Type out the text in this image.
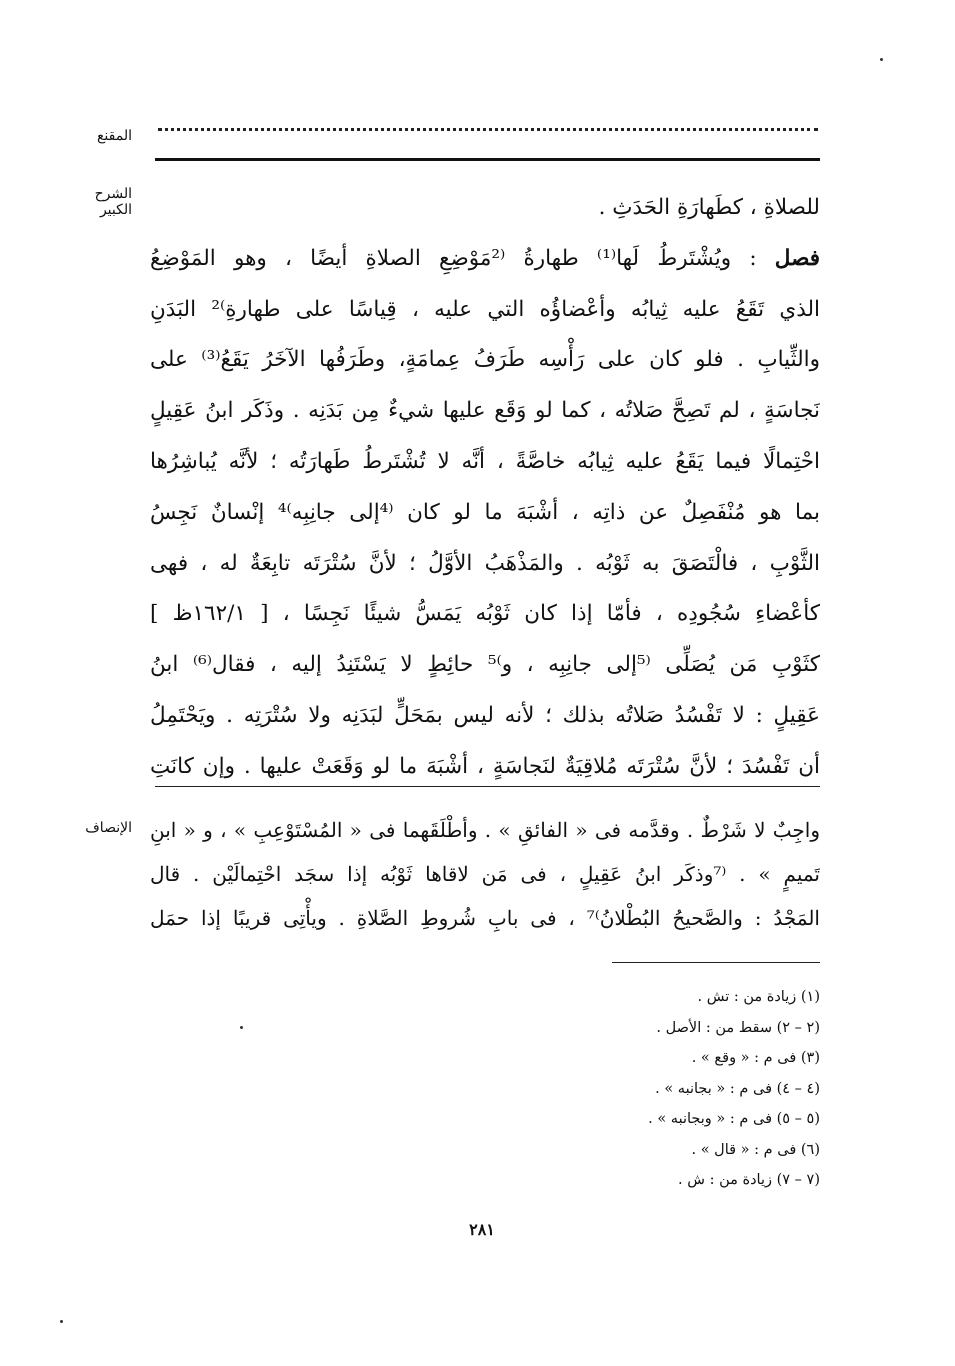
المقنع
الشرح الكبير
الإنصاف
للصلاةِ ، كطَهارَةِ الحَدَثِ .
فصل : ويُشْتَرطُ لَها⁽¹⁾ طهارةُ ⁽²مَوْضِعِ الصلاةِ أيضًا ، وهو المَوْضِعُ
الذي تَقَعُ عليه ثِيابُه وأعْضاؤُه التي عليه ، قِياسًا على طهارةِ⁾² البَدَنِ
والثِّيابِ . فلو كان على رَأْسِه طَرَفُ عِمامَةٍ، وطَرَفُها الآخَرُ يَقَعُ⁽³⁾ على
نَجاسَةٍ ، لم تَصِحَّ صَلاتُه ، كما لو وَقَع عليها شيءٌ مِن بَدَنِه . وذَكَر ابنُ عَقِيلٍ
احْتِمالًا فيما يَقَعُ عليه ثِيابُه خاصَّةً ، أنَّه لا تُشْتَرطُ طَهارَتُه ؛ لأنَّه يُباشِرُها
بما هو مُنْفَصِلٌ عن ذاتِه ، أشْبَهَ ما لو كان ⁽⁴إلى جانِبِه⁾⁴ إنْسانٌ نَجِسُ
الثَّوْبِ ، فالْتَصَقَ به ثَوْبُه . والمَذْهَبُ الأوَّلُ ؛ لأنَّ سُتْرَتَه تابِعَةٌ له ، فهى
كأعْضاءِ سُجُودِه ، فأمّا إذا كان ثَوْبُه يَمَسُّ شيئًا نَجِسًا ، [ ١٦٢/١ظ ]
كثَوْبِ مَن يُصَلِّى ⁽⁵إلى جانِبِه ، و⁾⁵ حائِطٍ لا يَسْتَنِدُ إليه ، فقال⁽⁶⁾ ابنُ
عَقِيلٍ : لا تَفْسُدُ صَلاتُه بذلك ؛ لأنه ليس بمَحَلٍّ لبَدَنِه ولا سُتْرَتِه . ويَحْتَمِلُ
أن تَفْسُدَ ؛ لأنَّ سُتْرَتَه مُلاقِيَةٌ لنَجاسَةٍ ، أشْبَهَ ما لو وَقَعَتْ عليها . وإن كانَتِ
واجِبٌ لا شَرْطٌ . وقدَّمه فى « الفائقِ » . وأطْلَقَهما فى « المُسْتَوْعِبِ » ، و « ابنِ
تَميمٍ » . ⁽⁷وذكَر ابنُ عَقِيلٍ ، فى مَن لاقاها ثَوْبُه إذا سجَد احْتِمالَيْن . قال
المَجْدُ : والصَّحيحُ البُطْلانُ⁾⁷ ، فى بابِ شُروطِ الصَّلاةِ . ويأْتِى قريبًا إذا حمَل
(١) زيادة من : تش .
(٢ – ٢) سقط من : الأصل .
(٣) فى م : « وقع » .
(٤ – ٤) فى م : « بجانبه » .
(٥ – ٥) فى م : « وبجانبه » .
(٦) فى م : « قال » .
(٧ – ٧) زيادة من : ش .
٢٨١
